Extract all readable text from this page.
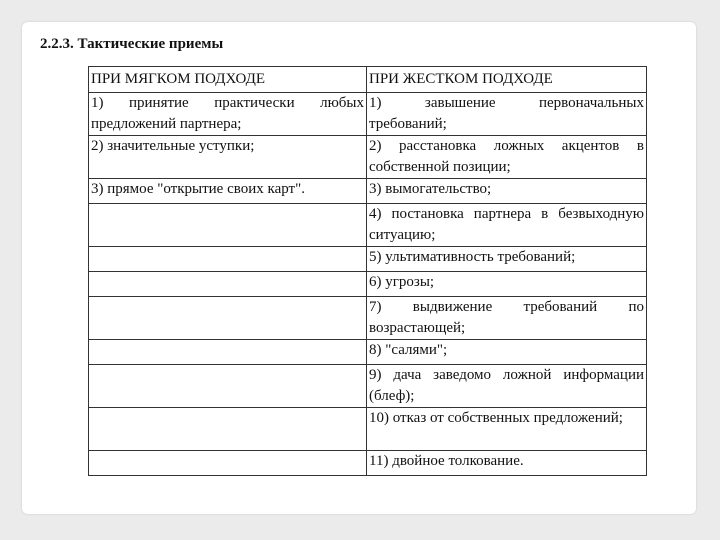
2.2.3. Тактические приемы
ПРИ МЯГКОМ ПОДХОДЕ	ПРИ ЖЕСТКОМ ПОДХОДЕ
1) принятие практически любых предложений партнера;	1) завышение первоначальных требований;
2) значительные уступки;	2) расстановка ложных акцентов в собственной позиции;
3) прямое "открытие своих карт".	3) вымогательство;
	4) постановка партнера в безвыходную ситуацию;
	5) ультимативность требований;
	6) угрозы;
	7) выдвижение требований по возрастающей;
	8) "салями";
	9) дача заведомо ложной информации (блеф);
	10) отказ от собственных предложений;
	11) двойное толкование.
